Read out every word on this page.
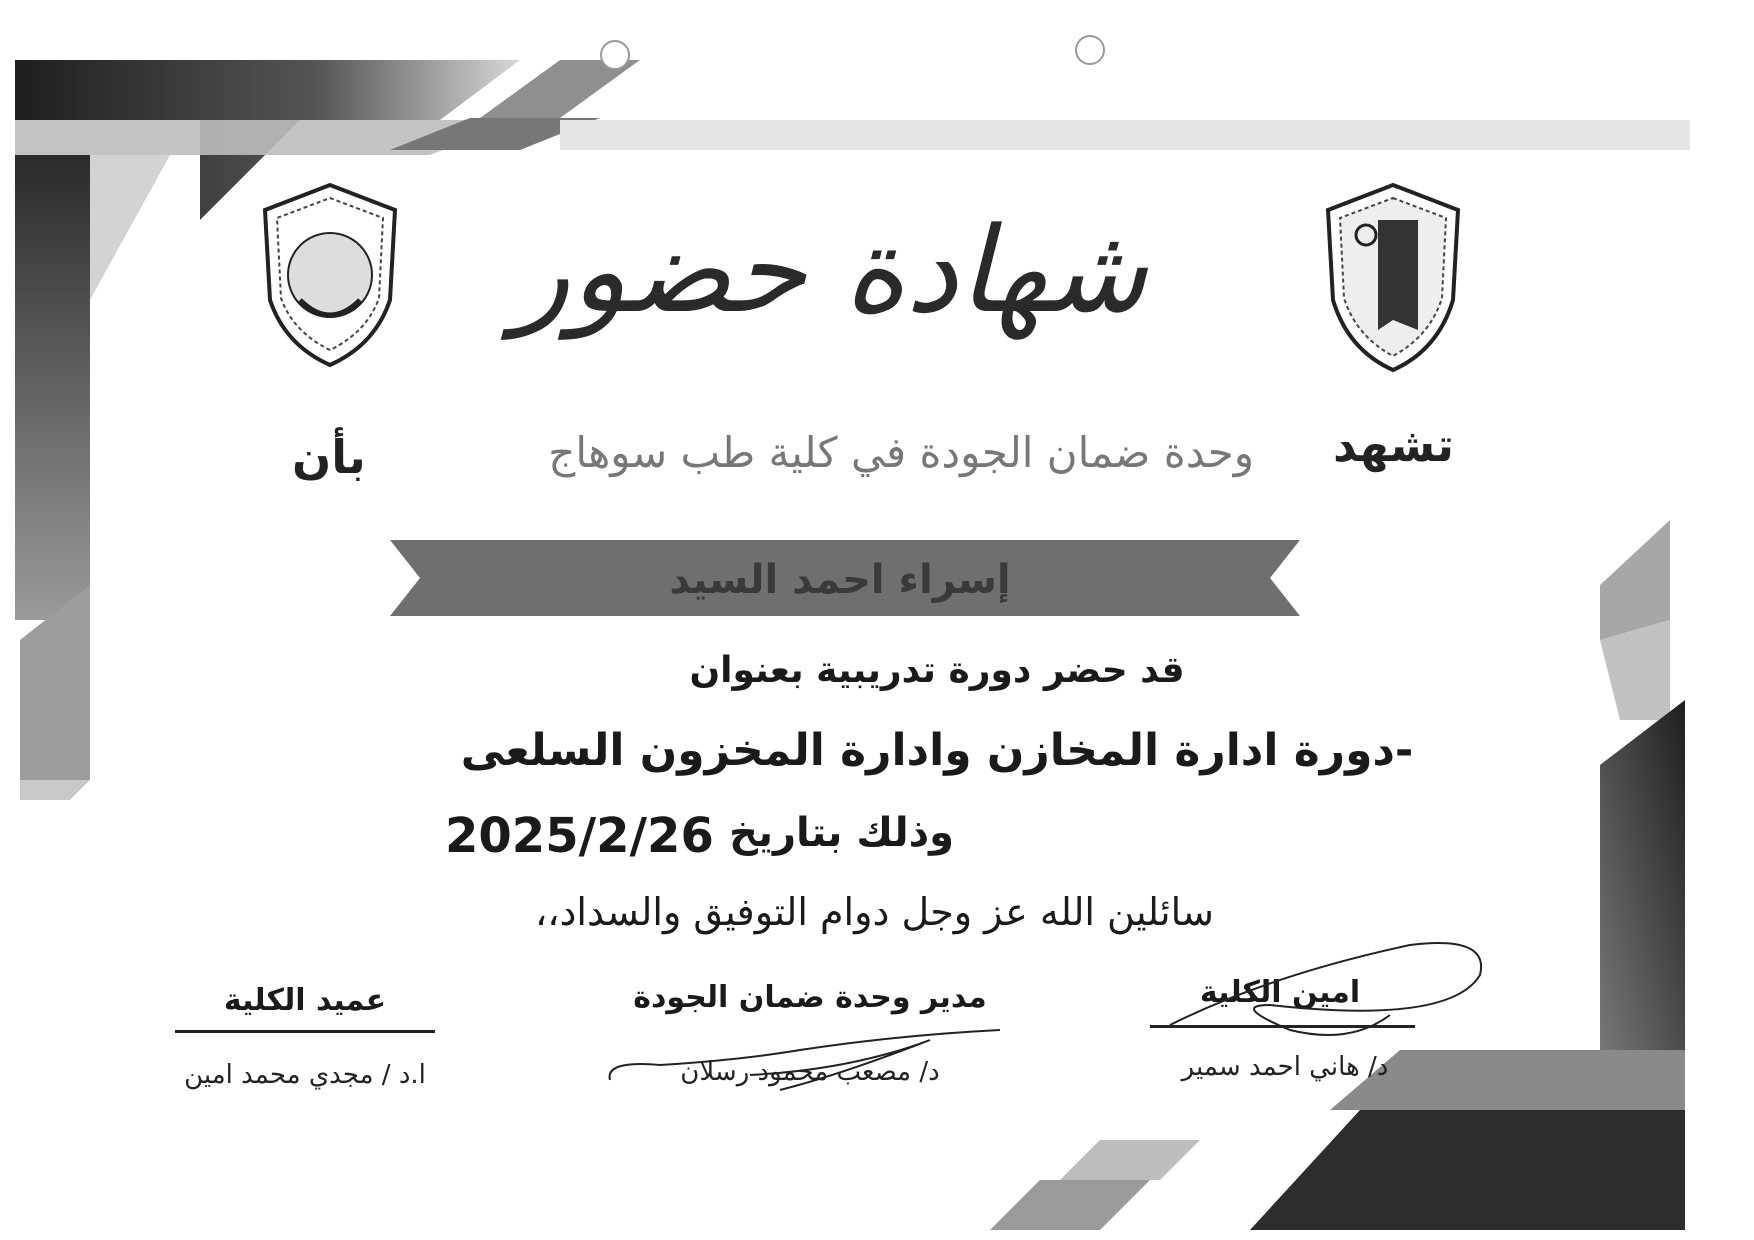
شهادة حضور
تشهد
وحدة ضمان الجودة في كلية طب سوهاج
بأن
إسراء احمد السيد
قد حضر دورة تدريبية بعنوان
-دورة ادارة المخازن وادارة المخزون السلعى
وذلك بتاريخ
2025/2/26
سائلين الله عز وجل دوام التوفيق والسداد،،
امين الكلية
د/ هاني احمد سمير
مدير وحدة ضمان الجودة
د/ مصعب محمود رسلان
عميد الكلية
ا.د / مجدي محمد امين
